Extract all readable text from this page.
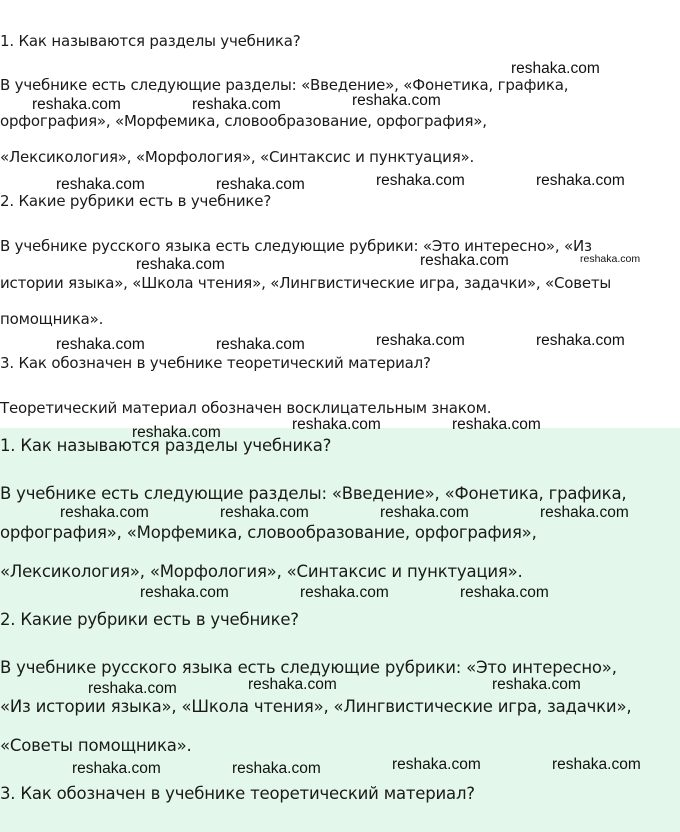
1. Как называются разделы учебника?

В учебнике есть следующие разделы: «Введение», «Фонетика, графика,

орфография», «Морфемика, словообразование, орфография»,

«Лексикология», «Морфология», «Синтаксис и пунктуация».

2. Какие рубрики есть в учебнике?

В учебнике русского языка есть следующие рубрики: «Это интересно», «Из

истории языка», «Школа чтения», «Лингвистические игра, задачки», «Советы

помощника».

3. Как обозначен в учебнике теоретический материал?

Теоретический материал обозначен восклицательным знаком.

1. Как называются разделы учебника?

В учебнике есть следующие разделы: «Введение», «Фонетика, графика,

орфография», «Морфемика, словообразование, орфография»,

«Лексикология», «Морфология», «Синтаксис и пунктуация».

2. Какие рубрики есть в учебнике?

В учебнике русского языка есть следующие рубрики: «Это интересно»,

«Из истории языка», «Школа чтения», «Лингвистические игра, задачки»,

«Советы помощника».

3. Как обозначен в учебнике теоретический материал?
reshaka.com
reshaka.com	reshaka.com	reshaka.com
reshaka.com	reshaka.com	reshaka.com	reshaka.com
reshaka.com	reshaka.com	reshaka.com
reshaka.com	reshaka.com	reshaka.com	reshaka.com
reshaka.com	reshaka.com	reshaka.com
reshaka.com	reshaka.com	reshaka.com	reshaka.com
reshaka.com	reshaka.com	reshaka.com
reshaka.com	reshaka.com	reshaka.com
reshaka.com	reshaka.com	reshaka.com	reshaka.com
